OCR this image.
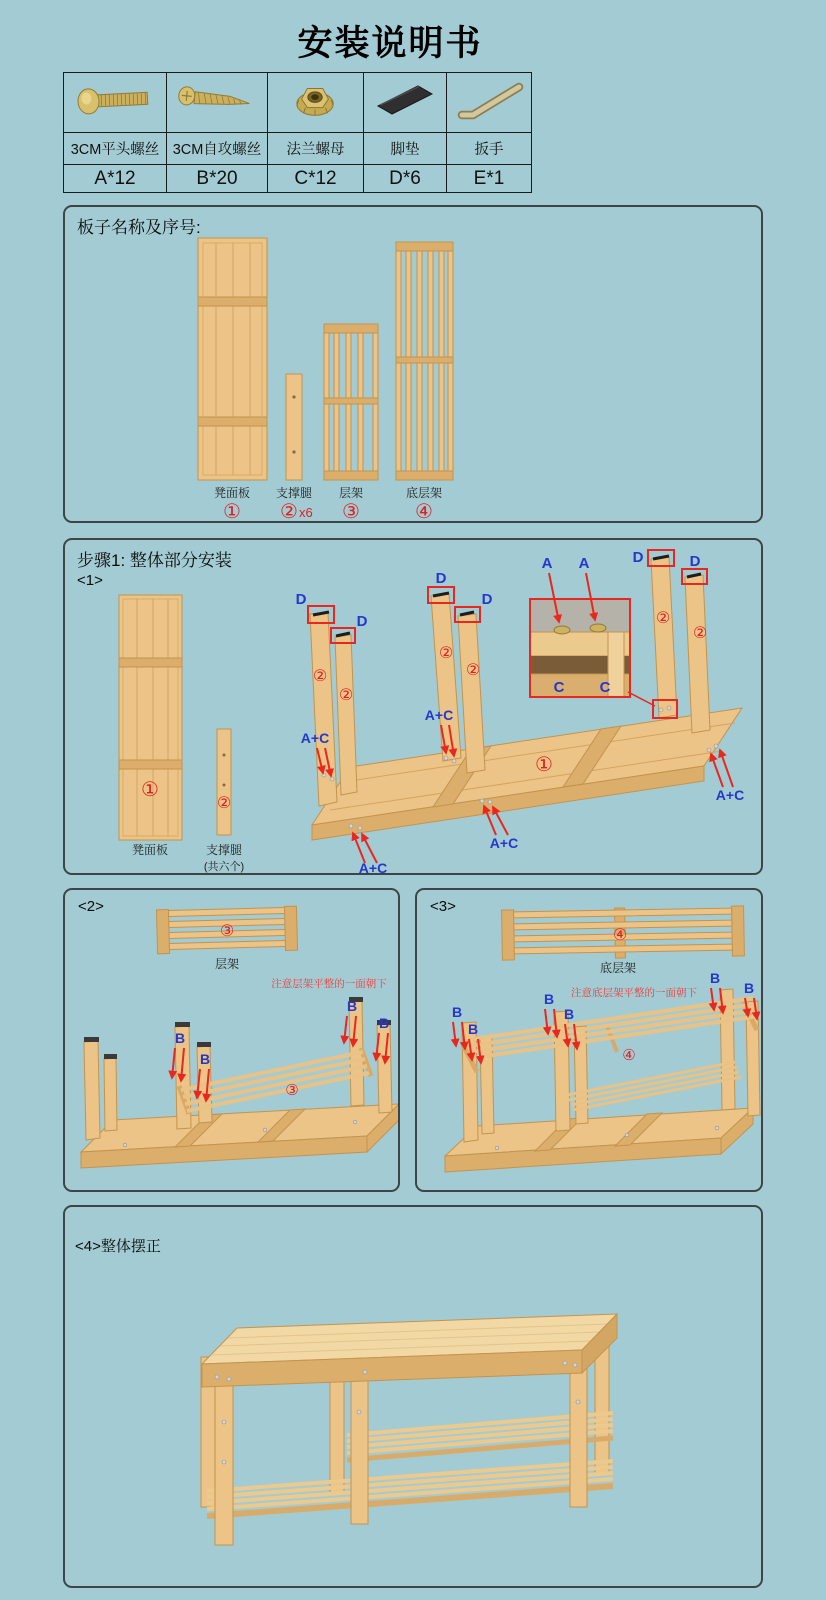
安装说明书

3CM平头螺丝	3CM自攻螺丝	法兰螺母	脚垫	扳手
A*12	B*20	C*12	D*6	E*1
板子名称及序号:
凳面板 支撑腿 层架	底层架
① ② x6 ③	④
步骤1: 整体部分安装
<1>
①
②
凳面板	支撑腿
(共六个)
①
②
②
②
②
②
②
D
D
D
D
D	D
A+C
A+C
A+C
A+C
A+C
A A
C C
<2>
③
层架
注意层架平整的一面朝下
③
B
B
B
B
<3>
④
底层架
注意底层架平整的一面朝下
④
B
B
B
B
B
B
<4>整体摆正
